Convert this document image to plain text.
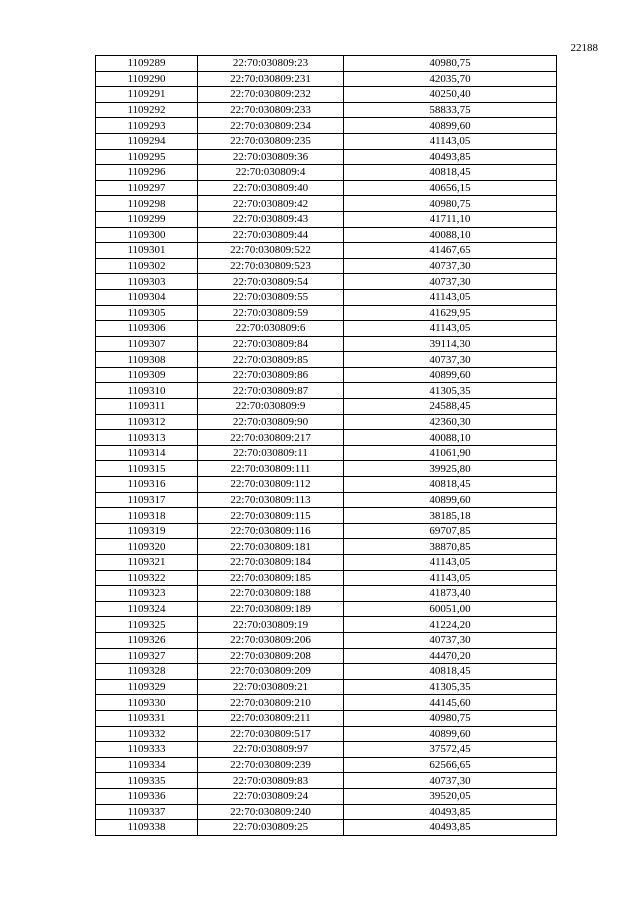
22188
1109289	22:70:030809:23	40980,75
1109290	22:70:030809:231	42035,70
1109291	22:70:030809:232	40250,40
1109292	22:70:030809:233	58833,75
1109293	22:70:030809:234	40899,60
1109294	22:70:030809:235	41143,05
1109295	22:70:030809:36	40493,85
1109296	22:70:030809:4	40818,45
1109297	22:70:030809:40	40656,15
1109298	22:70:030809:42	40980,75
1109299	22:70:030809:43	41711,10
1109300	22:70:030809:44	40088,10
1109301	22:70:030809:522	41467,65
1109302	22:70:030809:523	40737,30
1109303	22:70:030809:54	40737,30
1109304	22:70:030809:55	41143,05
1109305	22:70:030809:59	41629,95
1109306	22:70:030809:6	41143,05
1109307	22:70:030809:84	39114,30
1109308	22:70:030809:85	40737,30
1109309	22:70:030809:86	40899,60
1109310	22:70:030809:87	41305,35
1109311	22:70:030809:9	24588,45
1109312	22:70:030809:90	42360,30
1109313	22:70:030809:217	40088,10
1109314	22:70:030809:11	41061,90
1109315	22:70:030809:111	39925,80
1109316	22:70:030809:112	40818,45
1109317	22:70:030809:113	40899,60
1109318	22:70:030809:115	38185,18
1109319	22:70:030809:116	69707,85
1109320	22:70:030809:181	38870,85
1109321	22:70:030809:184	41143,05
1109322	22:70:030809:185	41143,05
1109323	22:70:030809:188	41873,40
1109324	22:70:030809:189	60051,00
1109325	22:70:030809:19	41224,20
1109326	22:70:030809:206	40737,30
1109327	22:70:030809:208	44470,20
1109328	22:70:030809:209	40818,45
1109329	22:70:030809:21	41305,35
1109330	22:70:030809:210	44145,60
1109331	22:70:030809:211	40980,75
1109332	22:70:030809:517	40899,60
1109333	22:70:030809:97	37572,45
1109334	22:70:030809:239	62566,65
1109335	22:70:030809:83	40737,30
1109336	22:70:030809:24	39520,05
1109337	22:70:030809:240	40493,85
1109338	22:70:030809:25	40493,85
